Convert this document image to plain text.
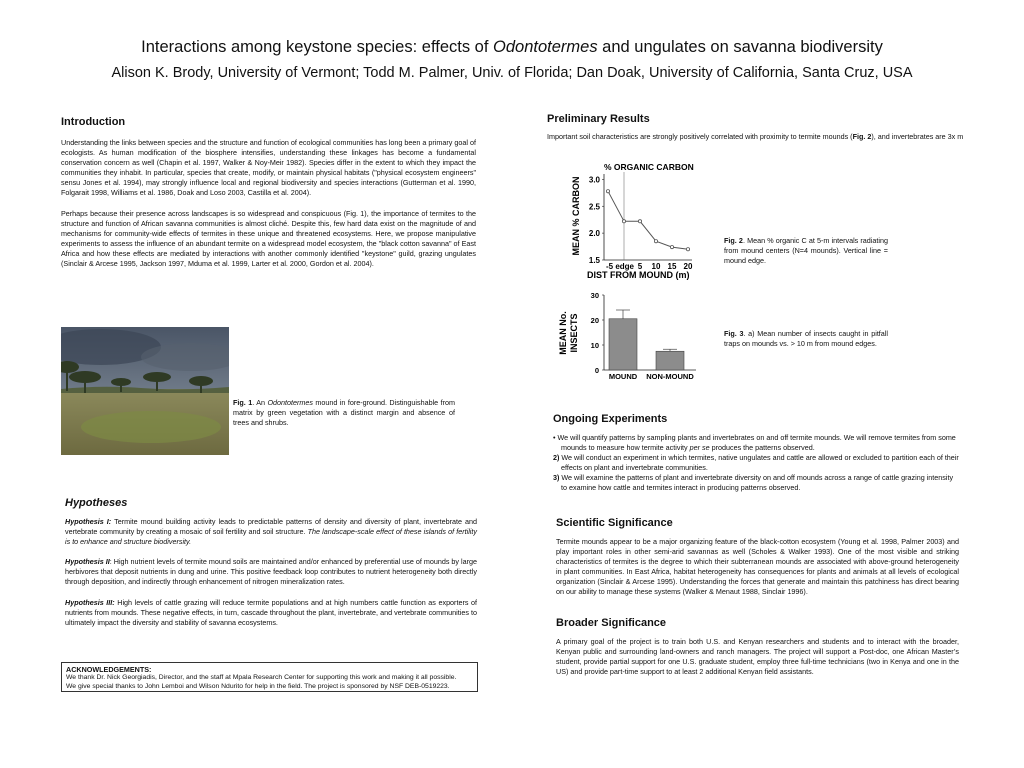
Interactions among keystone species: effects of Odontotermes and ungulates on savanna biodiversity
Alison K. Brody, University of Vermont; Todd M. Palmer, Univ. of Florida; Dan Doak, University of California, Santa Cruz, USA
Introduction

Understanding the links between species and the structure and function of ecological communities has long been a primary goal of ecologists. As human modification of the biosphere intensifies, understanding these linkages has become a fundamental conservation concern as well (Chapin et al. 1997, Walker & Noy-Meir 1982). Species differ in the extent to which they impact the communities they inhabit. In particular, species that create, modify, or maintain physical habitats ("physical ecosystem engineers" sensu Jones et al. 1994), may strongly influence local and regional biodiversity and species interactions (Gutterman et al. 1990, Folgarait 1998, Williams et al. 1986, Doak and Loso 2003, Castilla et al. 2004).

Perhaps because their presence across landscapes is so widespread and conspicuous (Fig. 1), the importance of termites to the structure and function of African savanna communities is almost cliché. Despite this, few hard data exist on the magnitude of and mechanisms for community-wide effects of termites in these unique and threatened ecosystems. Here, we propose manipulative experiments to assess the influence of an abundant termite on a widespread model ecosystem, the "black cotton savanna" of East Africa and how these effects are mediated by interactions with another commonly identified "keystone" guild, grazing ungulates (Sinclair & Arcese 1995, Jackson 1997, Mduma et al. 1999, Larter et al. 2000, Gordon et al. 2004).

Fig. 1. An Odontotermes mound in fore-ground. Distinguishable from matrix by green vegetation with a distinct margin and absence of trees and shrubs.
Hypotheses

Hypothesis I: Termite mound building activity leads to predictable patterns of density and diversity of plant, invertebrate and vertebrate community by creating a mosaic of soil fertility and soil structure. The landscape-scale effect of these islands of fertility is to enhance and structure biodiversity.

Hypothesis II: High nutrient levels of termite mound soils are maintained and/or enhanced by preferential use of mounds by large herbivores that deposit nutrients in dung and urine. This positive feedback loop contributes to nutrient heterogeneity both directly through deposition, and indirectly through enhancement of nitrogen mineralization rates.

Hypothesis III: High levels of cattle grazing will reduce termite populations and at high numbers cattle function as exporters of nutrients from mounds. These negative effects, in turn, cascade throughout the plant, invertebrate, and vertebrate communities to ultimately impact the diversity and stability of savanna ecosystems.

ACKNOWLEDGEMENTS:
We thank Dr. Nick Georgiadis, Director, and the staff at Mpala Research Center for supporting this work and making it all possible.
We give special thanks to John Lemboi and Wilson Ndurito for help in the field. The project is sponsored by NSF DEB-0519223.
Preliminary Results
Important soil characteristics are strongly positively correlated with proximity to termite mounds (Fig. 2), and invertebrates are 3x m
% ORGANIC CARBON
MEAN % CARBON
DIST FROM MOUND (m)
1.5
2.0
2.5
3.0
-5 edge 5 10 15 20
Fig. 2. Mean % organic C at 5-m intervals radiating from mound centers (N=4 mounds). Vertical line = mound edge.
MEAN No. INSECTS
0
10
20
30
MOUND NON-MOUND
Fig. 3. a) Mean number of insects caught in pitfall traps on mounds vs. > 10 m from mound edges.
Ongoing Experiments

• We will quantify patterns by sampling plants and invertebrates on and off termite mounds. We will remove termites from some mounds to measure how termite activity per se produces the patterns observed.

2) We will conduct an experiment in which termites, native ungulates and cattle are allowed or excluded to partition each of their effects on plant and invertebrate communities.

3) We will examine the patterns of plant and invertebrate diversity on and off mounds across a range of cattle grazing intensity to examine how cattle and termites interact in producing patterns observed.

Scientific Significance
Termite mounds appear to be a major organizing feature of the black-cotton ecosystem (Young et al. 1998, Palmer 2003) and play important roles in other semi-arid savannas as well (Scholes & Walker 1993). One of the most visible and striking characteristics of termites is the degree to which their subterranean mounds are associated with above-ground heterogeneity in plant communities. In East Africa, habitat heterogeneity has consequences for plants and animals at all levels of ecological organization (Sinclair & Arcese 1995). Understanding the forces that generate and maintain this patchiness has direct bearing on our ability to manage these systems (Walker & Menaut 1988, Sinclair 1996).
Broader Significance
A primary goal of the project is to train both U.S. and Kenyan researchers and students and to interact with the broader, Kenyan public and surrounding land-owners and ranch managers. The project will support a Post-doc, one African Master’s student, provide partial support for one U.S. graduate student, employ three full-time technicians (two in Kenya and one in the US) and provide part-time support to at least 2 additional Kenyan field assistants.
